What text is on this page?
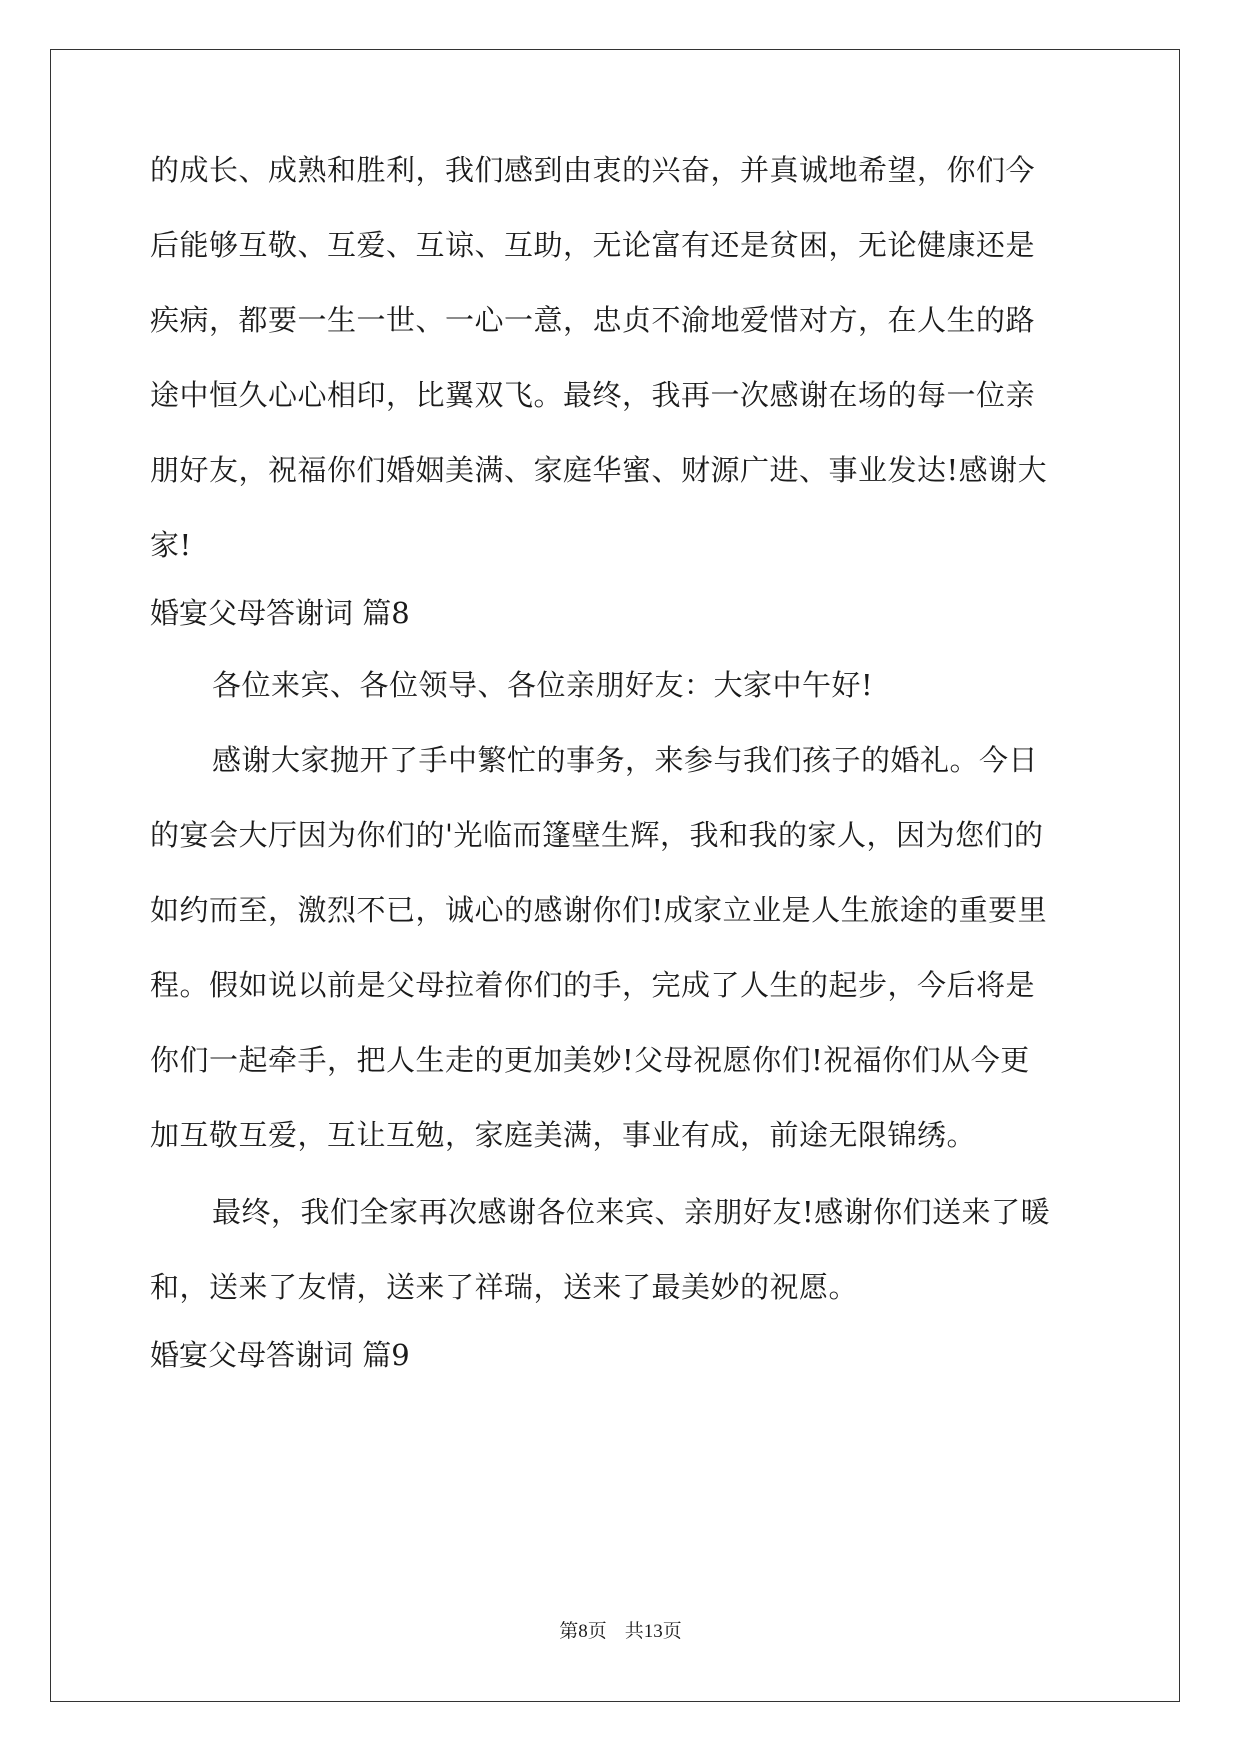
的成长、成熟和胜利，我们感到由衷的兴奋，并真诚地希望，你们今
后能够互敬、互爱、互谅、互助，无论富有还是贫困，无论健康还是
疾病，都要一生一世、一心一意，忠贞不渝地爱惜对方，在人生的路
途中恒久心心相印，比翼双飞。最终，我再一次感谢在场的每一位亲
朋好友，祝福你们婚姻美满、家庭华蜜、财源广进、事业发达!感谢大
家!
婚宴父母答谢词 篇8
各位来宾、各位领导、各位亲朋好友：大家中午好!
感谢大家抛开了手中繁忙的事务，来参与我们孩子的婚礼。今日
的宴会大厅因为你们的'光临而篷壁生辉，我和我的家人，因为您们的
如约而至，激烈不已，诚心的感谢你们!成家立业是人生旅途的重要里
程。假如说以前是父母拉着你们的手，完成了人生的起步，今后将是
你们一起牵手，把人生走的更加美妙!父母祝愿你们!祝福你们从今更
加互敬互爱，互让互勉，家庭美满，事业有成，前途无限锦绣。
最终，我们全家再次感谢各位来宾、亲朋好友!感谢你们送来了暖
和，送来了友情，送来了祥瑞，送来了最美妙的祝愿。
婚宴父母答谢词 篇9
第8页 共13页
